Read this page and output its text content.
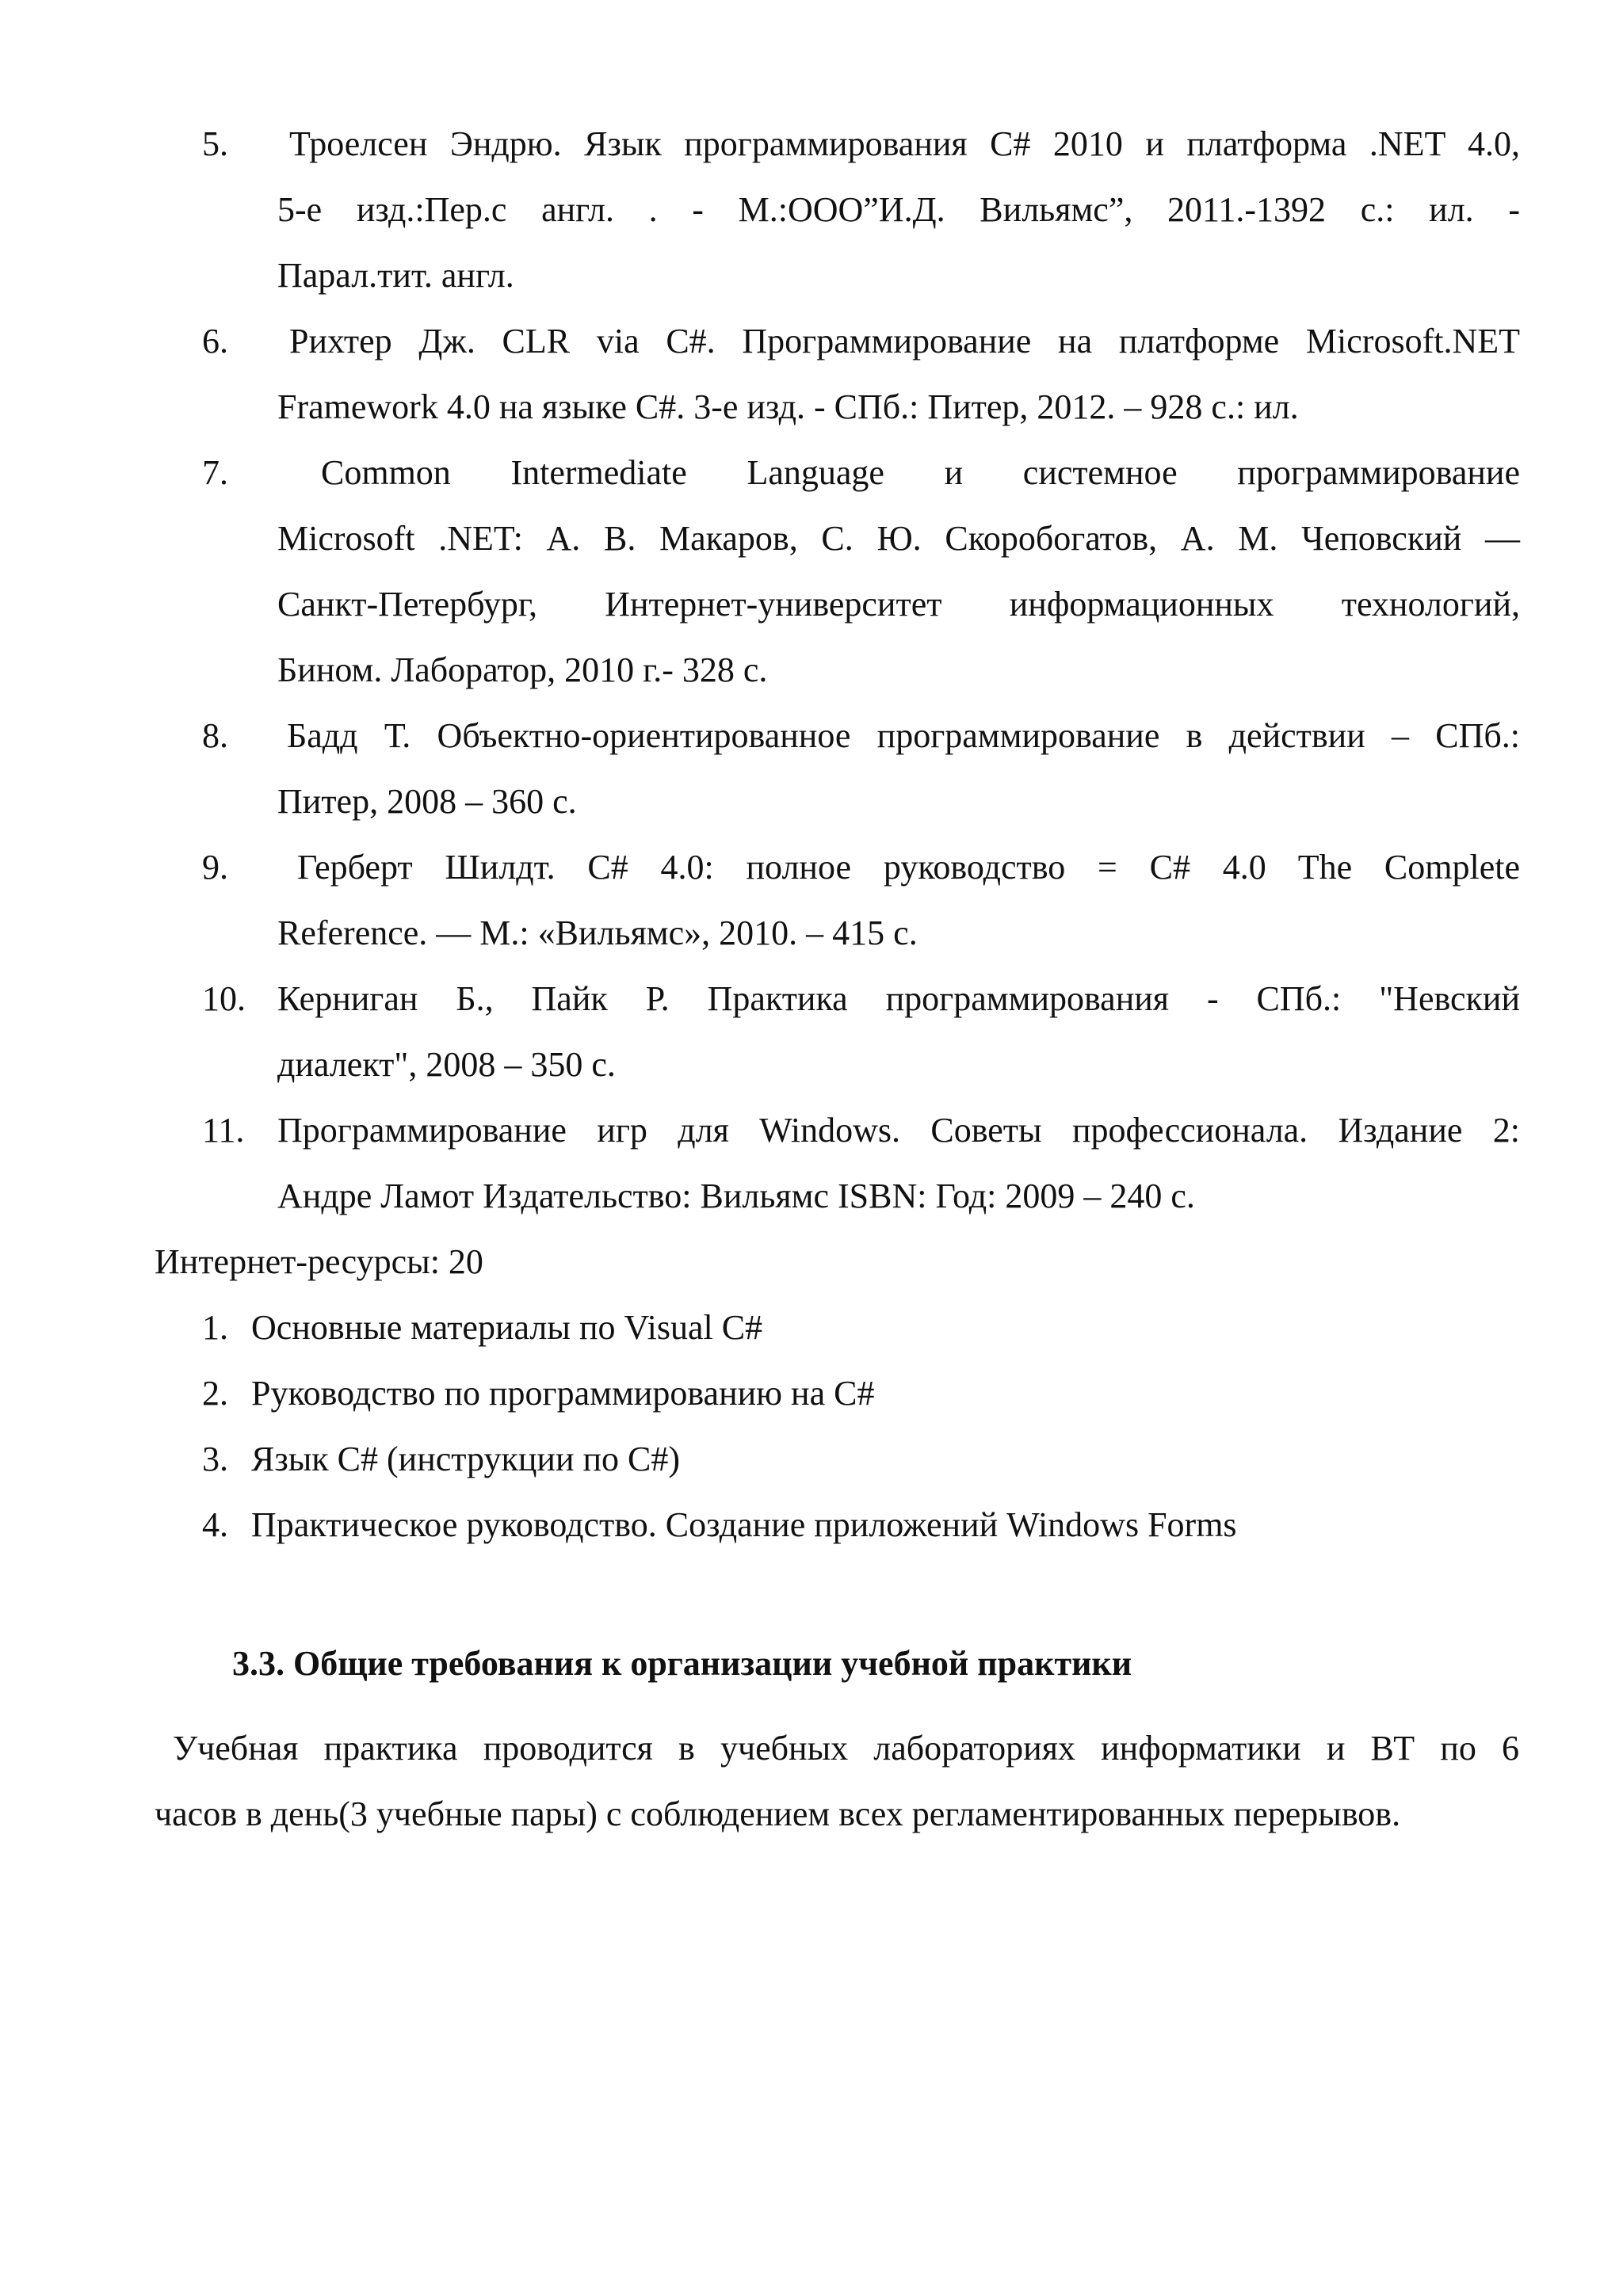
5. Троелсен Эндрю. Язык программирования С# 2010 и платформа .NET 4.0,
5-е изд.:Пер.с англ. . - М.:ООО”И.Д. Вильямс”, 2011.-1392 с.: ил. -
Парал.тит. англ.
6. Рихтер Дж. CLR via C#. Программирование на платформе Microsoft.NET
Framework 4.0 на языке C#. 3-е изд. - СПб.: Питер, 2012. – 928 с.: ил.
7.	Common Intermediate Language и системное программирование
Microsoft .NET: А. В. Макаров, С. Ю. Скоробогатов, А. М. Чеповский —
Санкт-Петербург, Интернет-университет информационных технологий,
Бином. Лаборатор, 2010 г.- 328 с.
8. Бадд Т. Объектно-ориентированное программирование в действии – СПб.:
Питер, 2008 – 360 с.
9. Герберт Шилдт. C# 4.0: полное руководство = C# 4.0 The Complete
Reference. — М.: «Вильямс», 2010. – 415 с.
10. Керниган Б., Пайк Р. Практика программирования - СПб.: "Невский
диалект", 2008 – 350 с.
11. Программирование игр для Windows. Советы профессионала. Издание 2:
Андре Ламот Издательство: Вильямс ISBN: Год: 2009 – 240 с.
Интернет-ресурсы: 20
1. Основные материалы по Visual C#
2. Руководство по программированию на C#
3. Язык C# (инструкции по C#)
4. Практическое руководство. Создание приложений Windows Forms
3.3. Общие требования к организации учебной практики
Учебная практика проводится в учебных лабораториях информатики и ВТ по 6
часов в день(3 учебные пары) с соблюдением всех регламентированных перерывов.
